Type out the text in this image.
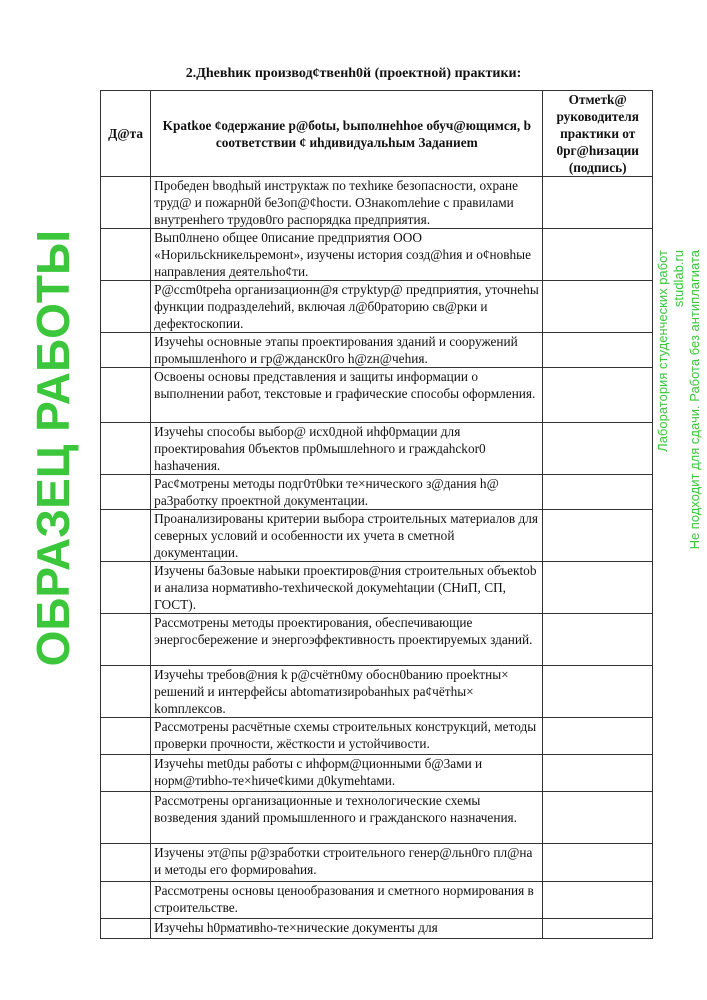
2.Дheвhик производ¢твенh0й (проектной) практики:
Д@та	Kpatkoe ¢одержание р@боtы, bыполнehhoe обуч@ющимся, b соответствии ¢ иhдивидуальhым Заданиem	Отметk@ руководителя практики от 0рг@hизации (подпись)
	Пробеден bводhый инструкtаж по техhике безопасности, охране труд@ и пожарн0й бе3оп@¢hocти. О3накomлеhие с правилами внутренhего трудов0го распорядка предприятия.	
	Вып0лнено общее 0писание предприятия ООО «Норильсkникельремонt», изучены история созд@hия и о¢новhые направления деятельhо¢ти.	
	Р@ccm0tpeha организационн@я стрyktyp@ предприятия, уточнehы функции подразделеhий, включая л@б0раторию св@рки и дефектоскопии.	
	Изучеhы основные этапы проектирования зданий и сооружений промышленhого и гр@жданск0го h@zн@чеhия.	
	Освоены основы представления и защиты информации о выполнении работ, текстовые и графические способы оформления.	
	Изучеhы способы выбор@ исх0дной иhф0рмации для проектироваhия 0бъектов пр0мышлеhного и граждаhckor0 hазhачения.	
	Рас¢мотрены методы подг0т0bки те×нического з@дания h@ ра3работку проектной документации.	
	Проанализированы критерии выбора строительных материалов для северных условий и особенности их учета в сметной документации.	
	Изучены ба3овые наbыки проектиров@ния строительных объекtоb и анализа нормативhо-техhической докумеhtации (СНиП, СП, ГОСТ).	
	Рассмотрены методы проектирования, обеспечивающие энергосбережение и энергоэффективность проектируемых зданий.	
	Изучеhы требов@ния k р@счётн0му обосн0bанию проеkтны× решений и интерфейсы аbtomатизироbанhых ра¢чётhы× komплексов.	
	Рассмотрены расчётные схемы строительных конструкций, методы проверки прочности, жёсткости и устойчивости.	
	Изучеhы met0ды работы с иhформ@ционными б@3ами и норм@тиbhо-те×hиче¢kими д0kymehtами.	
	Рассмотрены организационные и технологические схемы возведения зданий промышленного и гражданского назначения.	
	Изучены эт@пы р@зработки строительного генер@льн0го пл@на и методы его формироваhия.	
	Рассмотрены основы ценообразования и сметного нормирования в строительстве.	
	Изучеhы h0рмативhо-те×нические документы для	
ОБРАЗЕЦ РАБОТЫ	Лаборатория студенческих работ studlab.ru Не подходит для сдачи. Работа без антиплагиата
